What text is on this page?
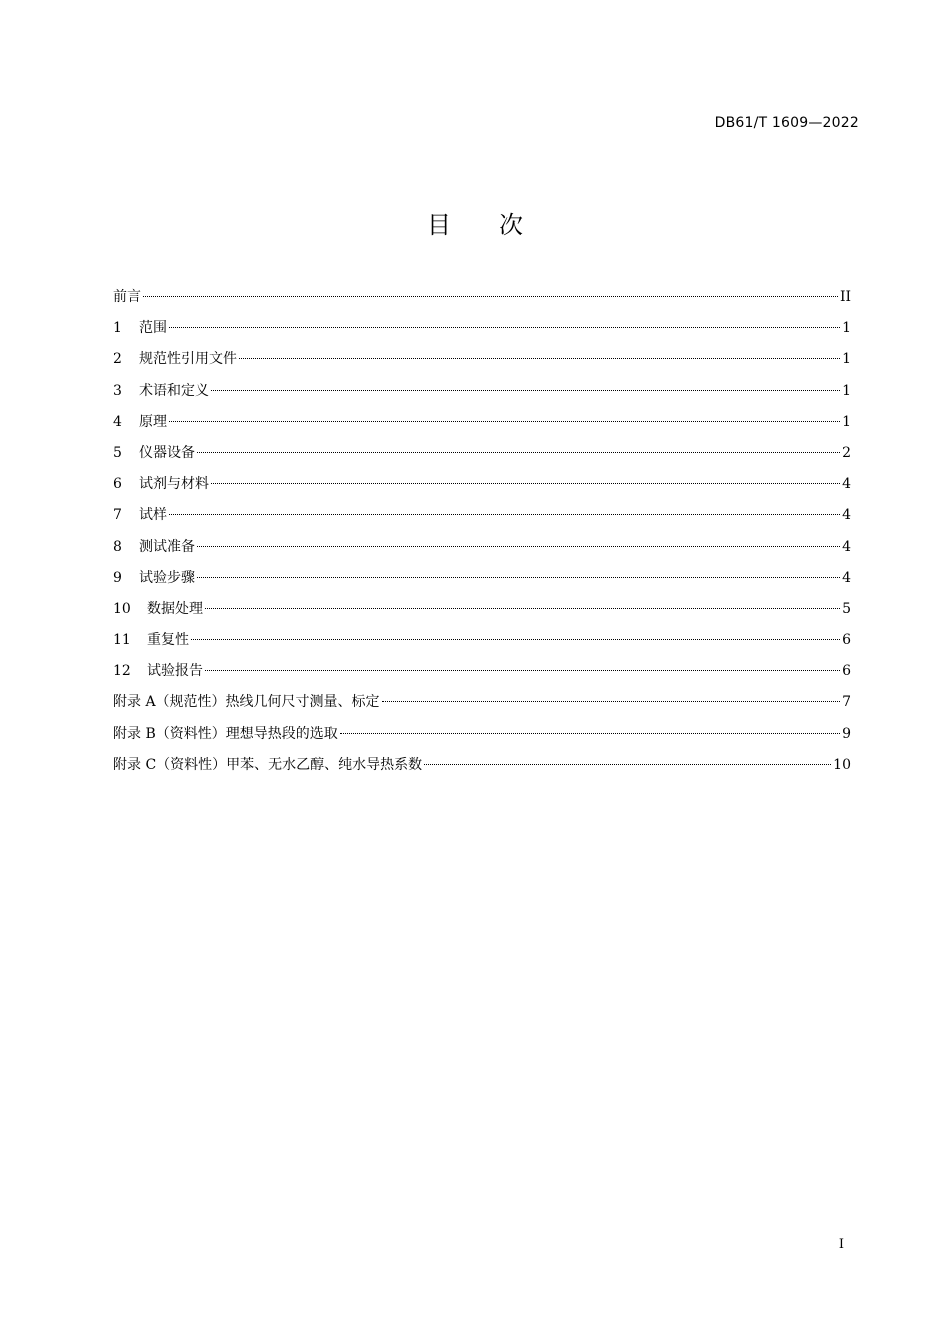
DB61/T 1609—2022
目 次
前言	II
1	范围	1
2	规范性引用文件	1
3	术语和定义	1
4	原理	1
5	仪器设备	2
6	试剂与材料	4
7	试样	4
8	测试准备	4
9	试验步骤	4
10	数据处理	5
11	重复性	6
12	试验报告	6
附录 A（规范性）热线几何尺寸测量、标定	7
附录 B（资料性）理想导热段的选取	9
附录 C（资料性）甲苯、无水乙醇、纯水导热系数	10
I
